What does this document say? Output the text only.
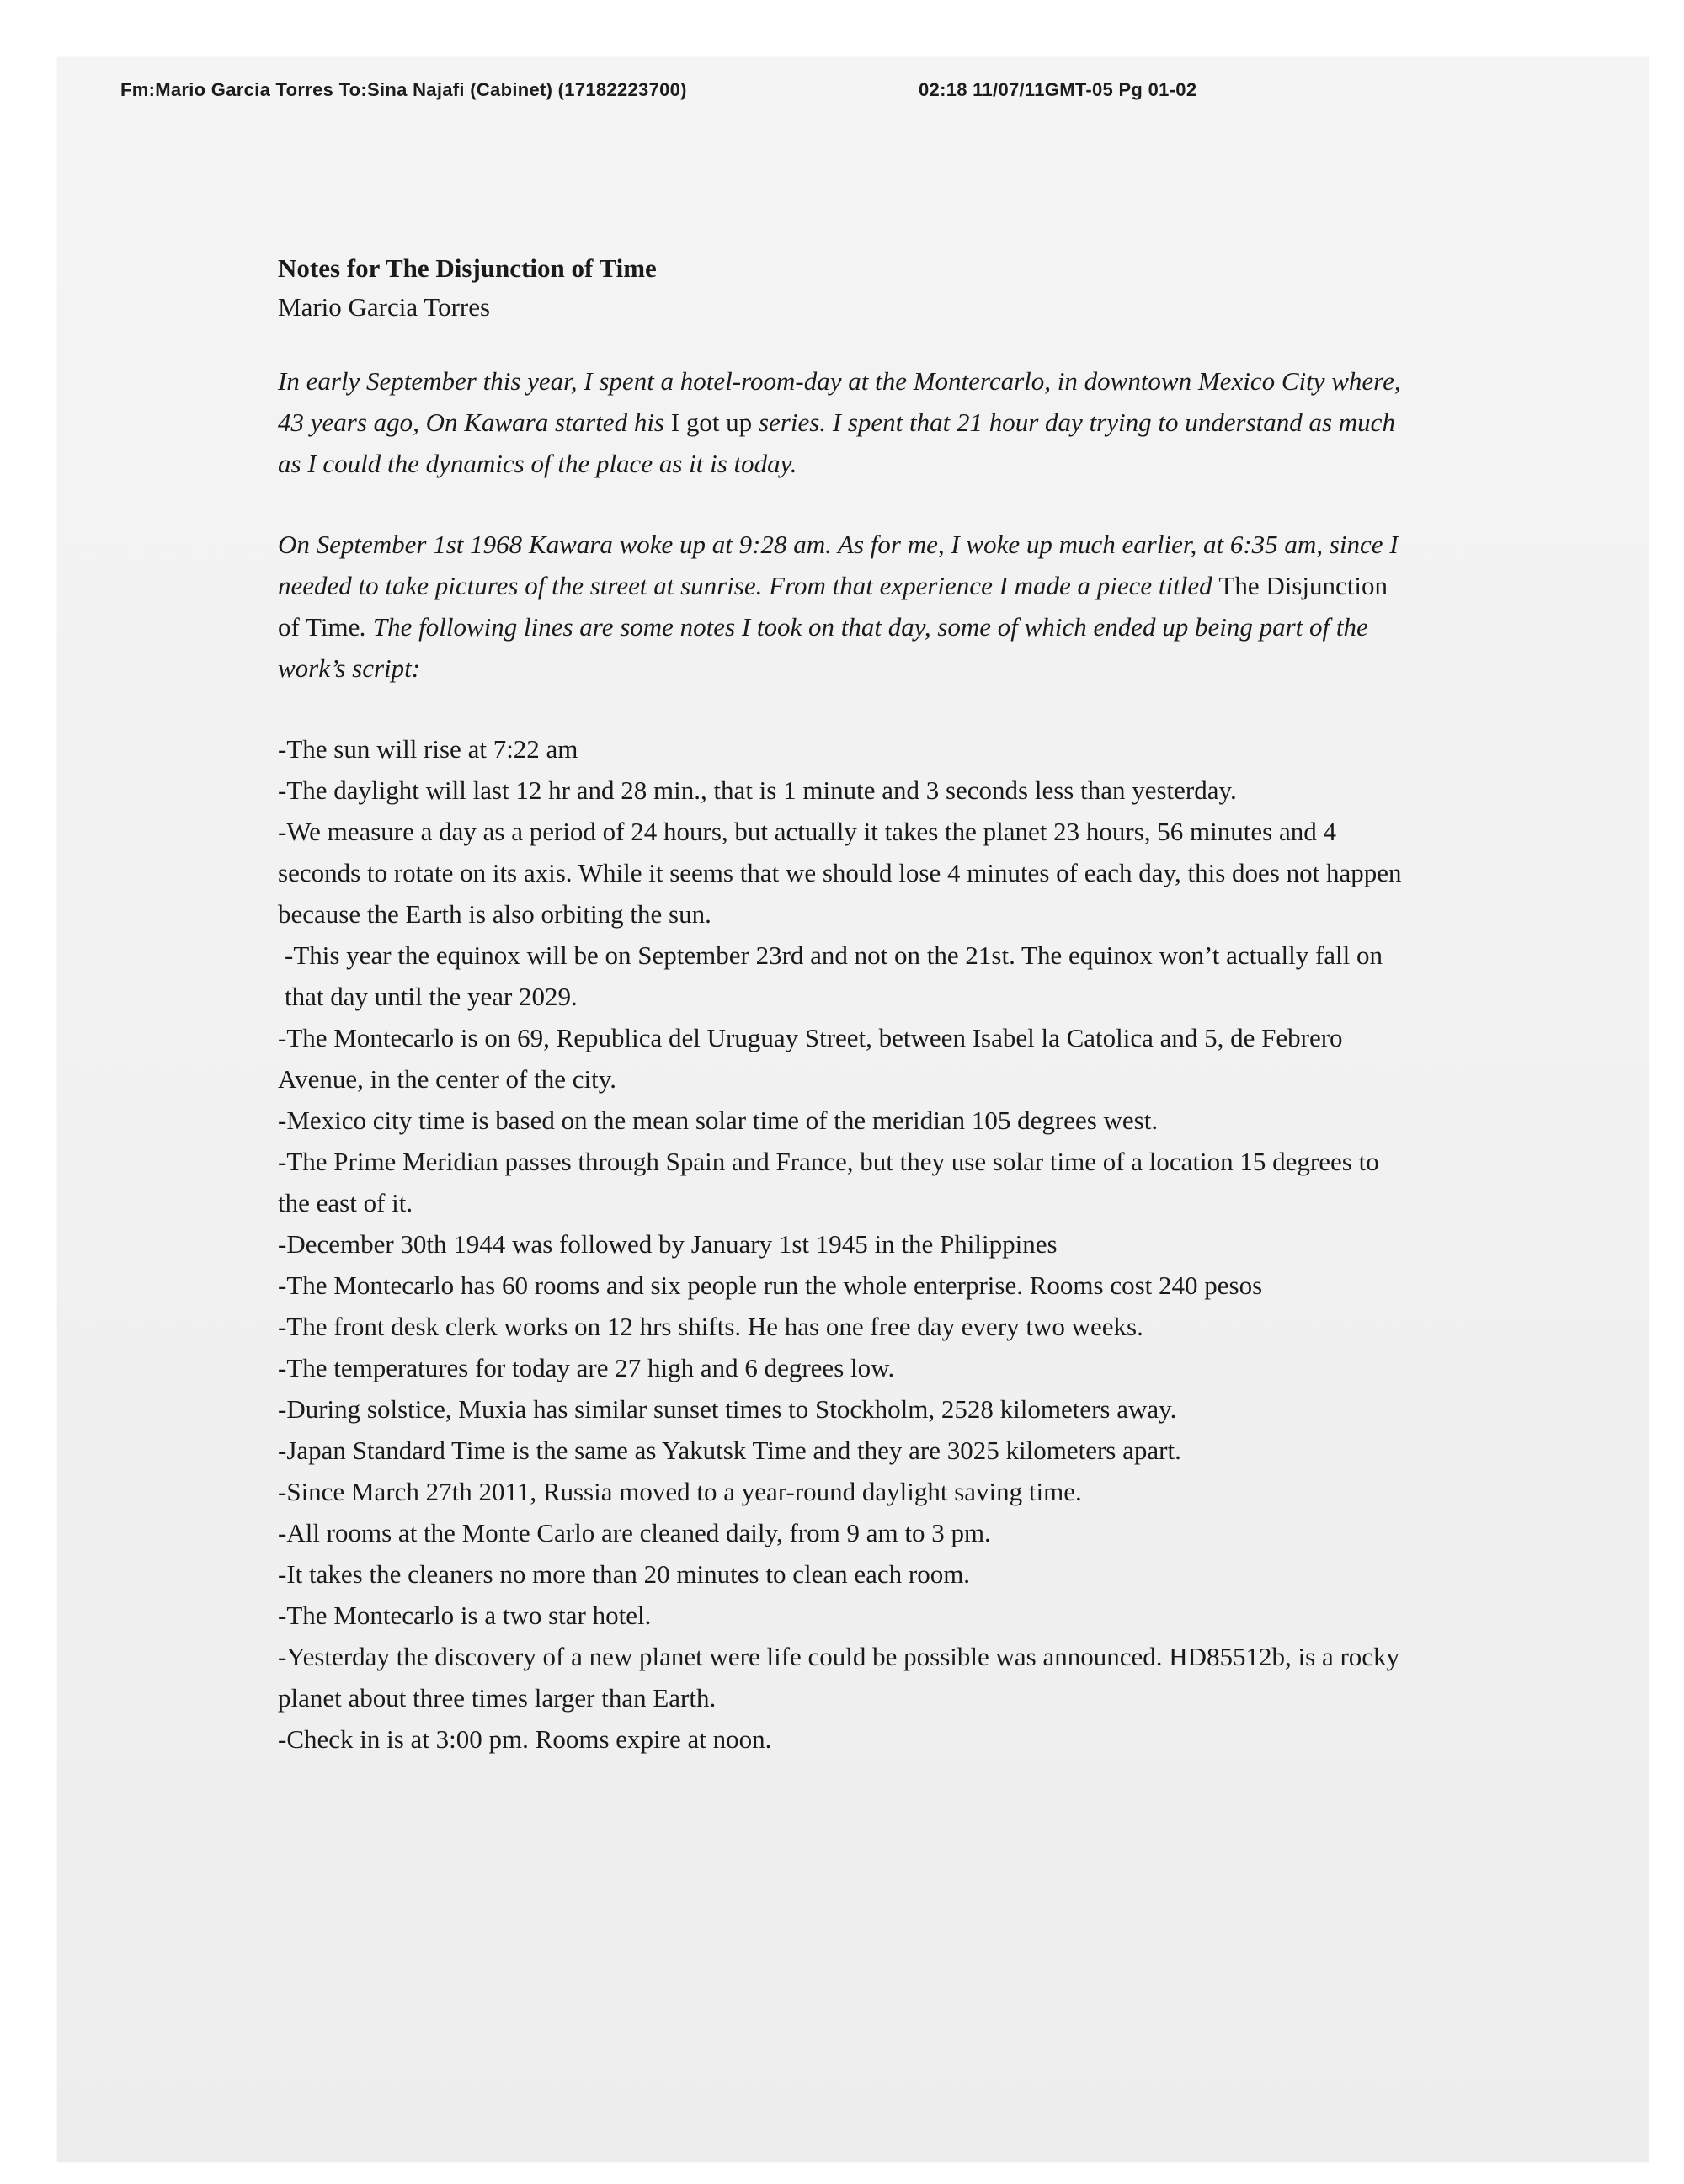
Fm:Mario Garcia Torres To:Sina Najafi (Cabinet) (17182223700)	02:18 11/07/11GMT-05 Pg 01-02

Notes for The Disjunction of Time

Mario Garcia Torres

In early September this year, I spent a hotel-room-day at the Montercarlo, in downtown Mexico City where, 43 years ago, On Kawara started his I got up series. I spent that 21 hour day trying to understand as much as I could the dynamics of the place as it is today.

On September 1st 1968 Kawara woke up at 9:28 am. As for me, I woke up much earlier, at 6:35 am, since I needed to take pictures of the street at sunrise. From that experience I made a piece titled The Disjunction of Time. The following lines are some notes I took on that day, some of which ended up being part of the work’s script:

-The sun will rise at 7:22 am

-The daylight will last 12 hr and 28 min., that is 1 minute and 3 seconds less than yesterday.

-We measure a day as a period of 24 hours, but actually it takes the planet 23 hours, 56 minutes and 4 seconds to rotate on its axis. While it seems that we should lose 4 minutes of each day, this does not happen because the Earth is also orbiting the sun.

-This year the equinox will be on September 23rd and not on the 21st. The equinox won’t actually fall on that day until the year 2029.

-The Montecarlo is on 69, Republica del Uruguay Street, between Isabel la Catolica and 5, de Febrero Avenue, in the center of the city.

-Mexico city time is based on the mean solar time of the meridian 105 degrees west.

-The Prime Meridian passes through Spain and France, but they use solar time of a location 15 degrees to the east of it.

-December 30th 1944 was followed by January 1st 1945 in the Philippines

-The Montecarlo has 60 rooms and six people run the whole enterprise. Rooms cost 240 pesos

-The front desk clerk works on 12 hrs shifts. He has one free day every two weeks.

-The temperatures for today are 27 high and 6 degrees low.

-During solstice, Muxia has similar sunset times to Stockholm, 2528 kilometers away.

-Japan Standard Time is the same as Yakutsk Time and they are 3025 kilometers apart.

-Since March 27th 2011, Russia moved to a year-round daylight saving time.

-All rooms at the Monte Carlo are cleaned daily, from 9 am to 3 pm.

-It takes the cleaners no more than 20 minutes to clean each room.

-The Montecarlo is a two star hotel.

-Yesterday the discovery of a new planet were life could be possible was announced. HD85512b, is a rocky planet about three times larger than Earth.

-Check in is at 3:00 pm. Rooms expire at noon.
